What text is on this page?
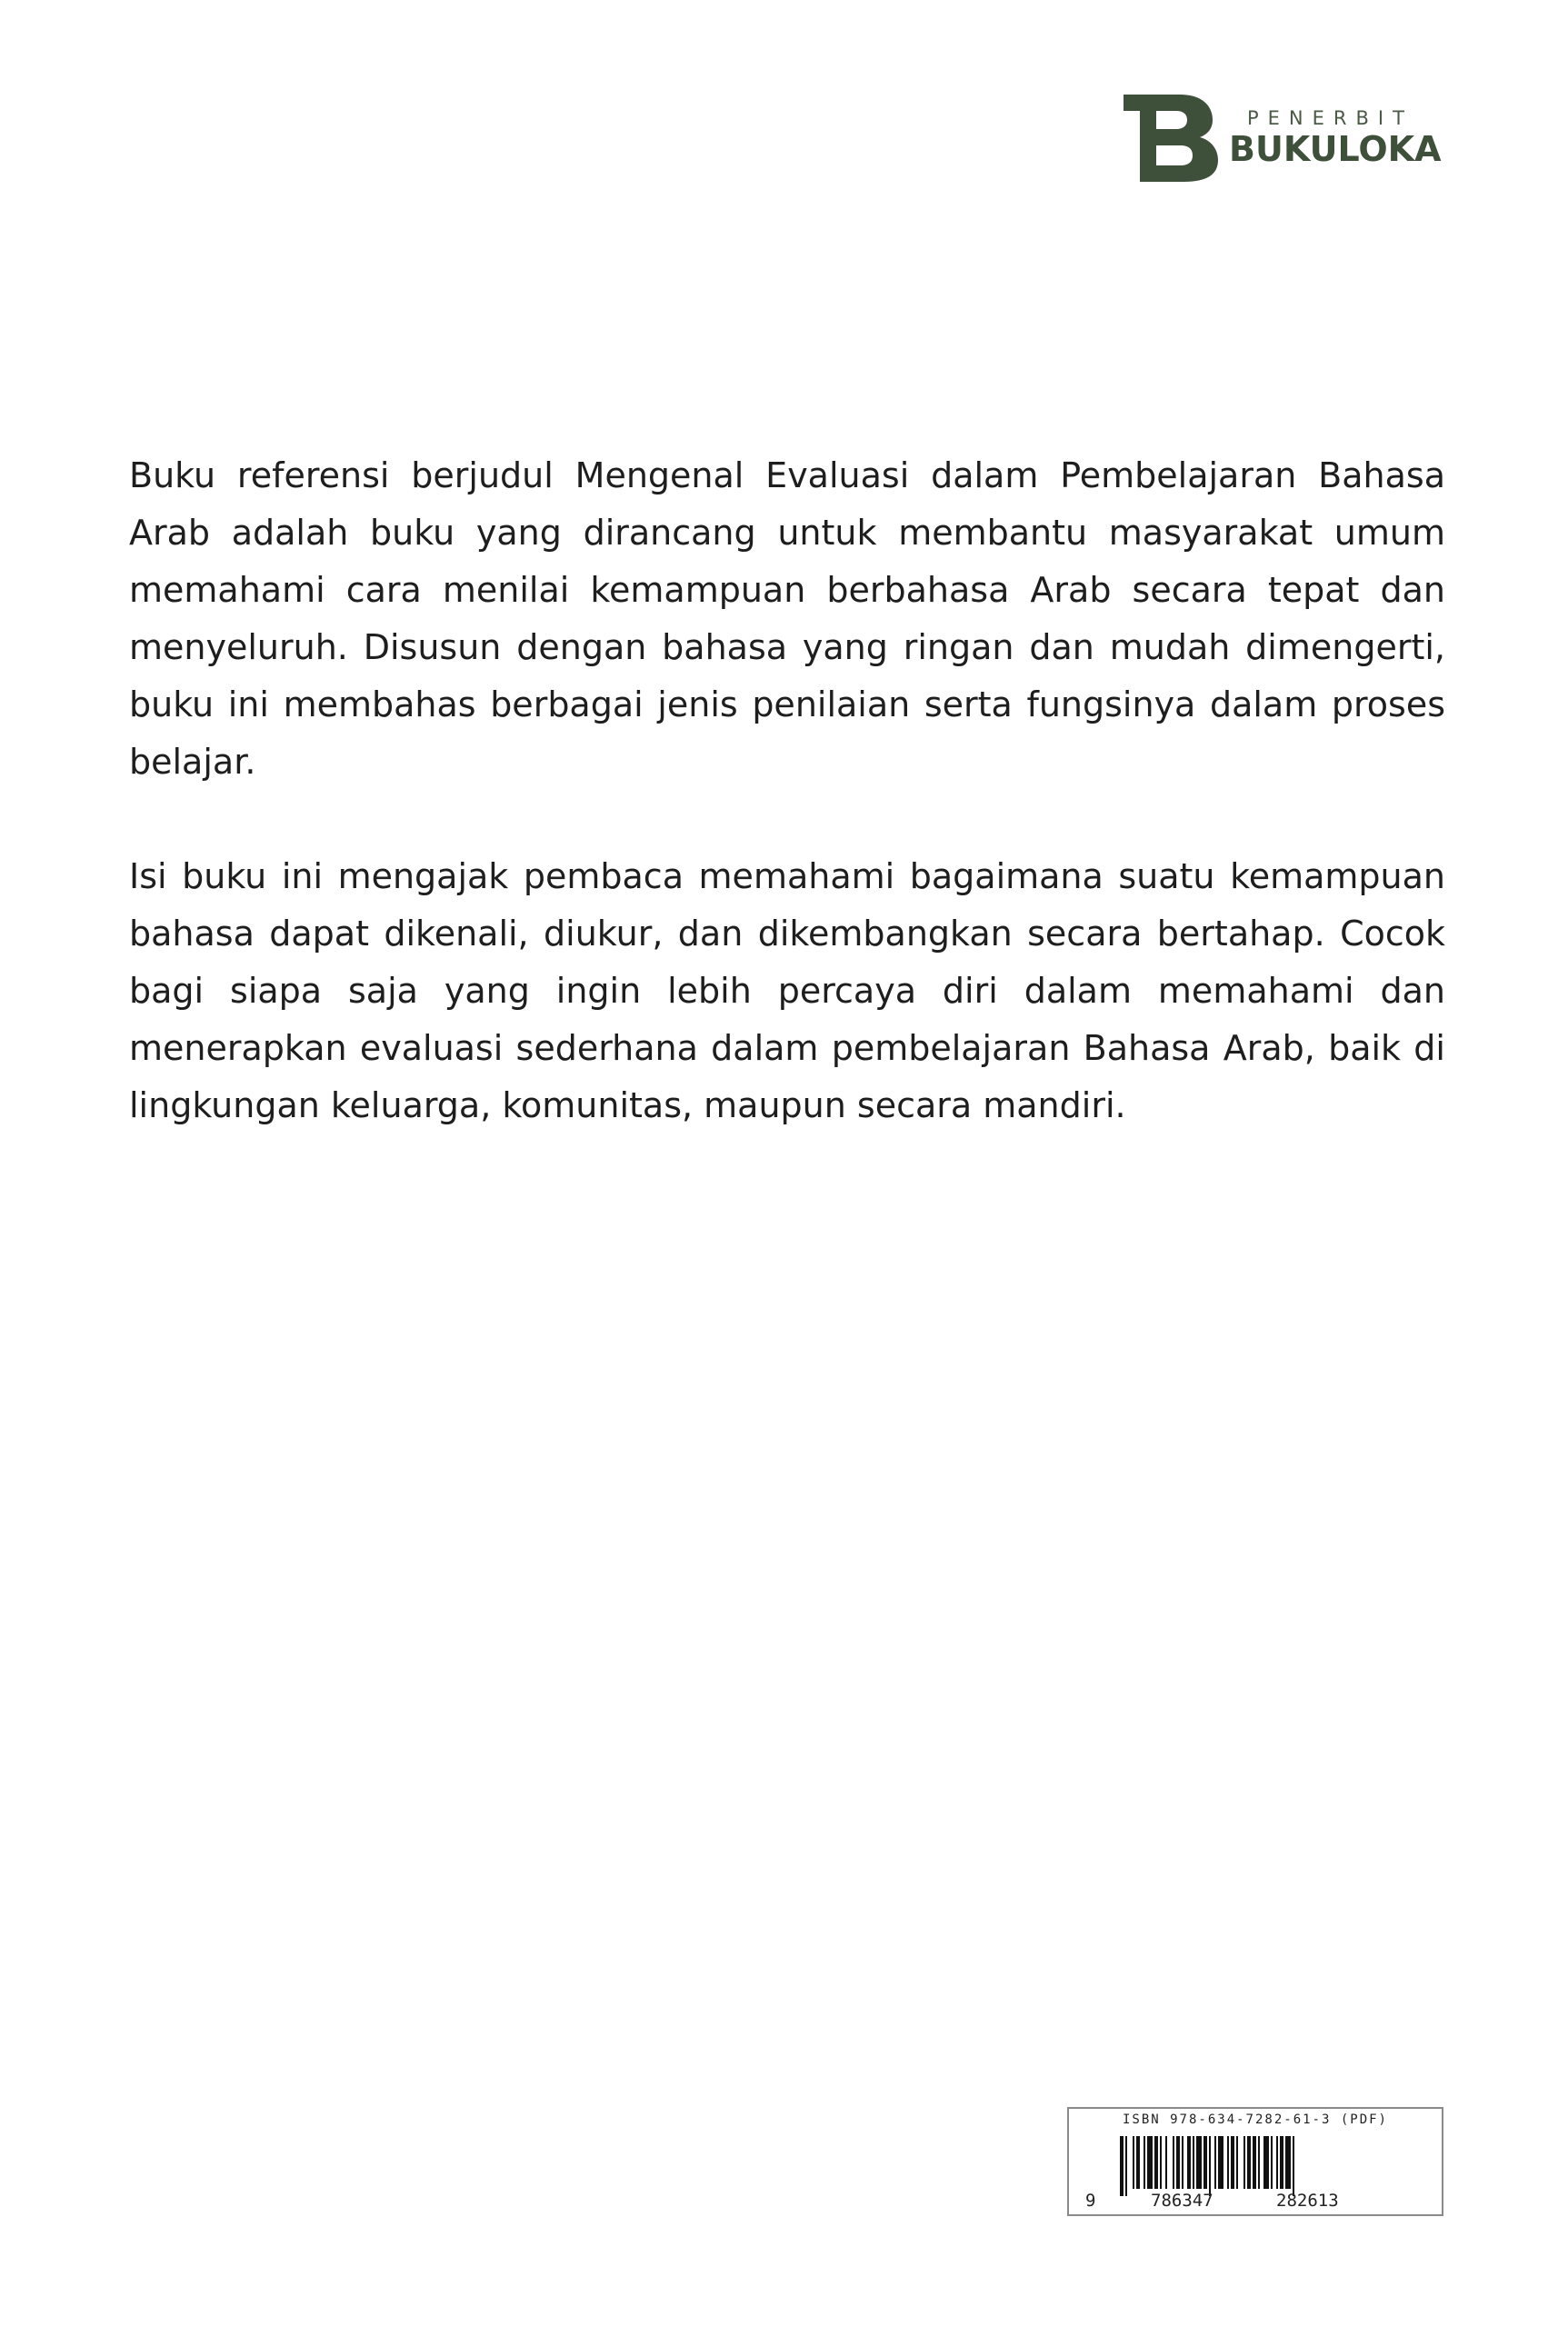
PENERBIT
BUKULOKA

Buku referensi berjudul Mengenal Evaluasi dalam Pembelajaran Bahasa Arab adalah buku yang dirancang untuk membantu masyarakat umum memahami cara menilai kemampuan berbahasa Arab secara tepat dan menyeluruh. Disusun dengan bahasa yang ringan dan mudah dimengerti, buku ini membahas berbagai jenis penilaian serta fungsinya dalam proses belajar.

Isi buku ini mengajak pembaca memahami bagaimana suatu kemampuan bahasa dapat dikenali, diukur, dan dikembangkan secara bertahap. Cocok bagi siapa saja yang ingin lebih percaya diri dalam memahami dan menerapkan evaluasi sederhana dalam pembelajaran Bahasa Arab, baik di lingkungan keluarga, komunitas, maupun secara mandiri.

ISBN 978-634-7282-61-3 (PDF)
9	786347	282613
